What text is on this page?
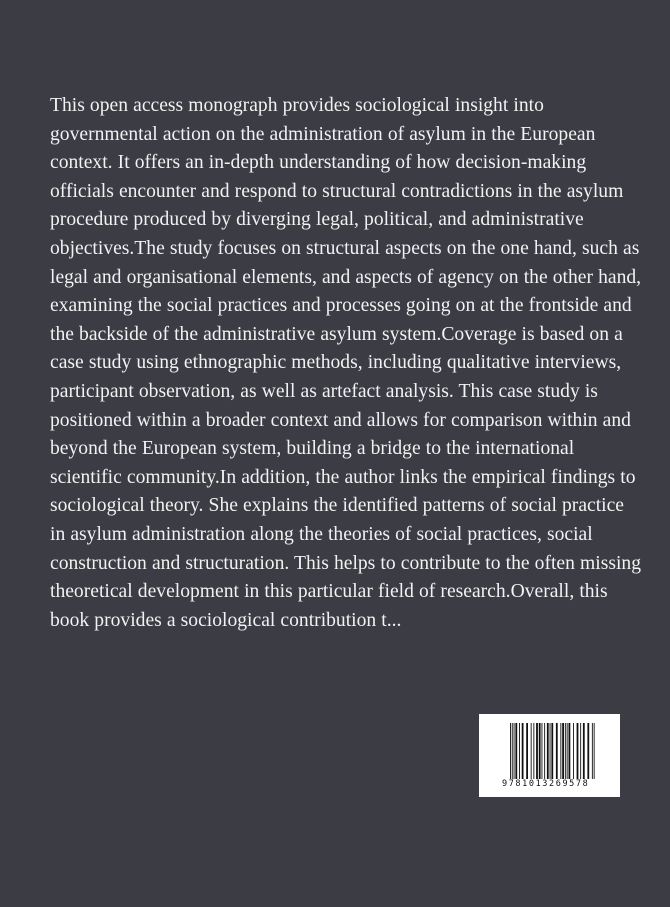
This open access monograph provides sociological insight into governmental action on the administration of asylum in the European context. It offers an in-depth understanding of how decision-making officials encounter and respond to structural contradictions in the asylum procedure produced by diverging legal, political, and administrative objectives.The study focuses on structural aspects on the one hand, such as legal and organisational elements, and aspects of agency on the other hand, examining the social practices and processes going on at the frontside and the backside of the administrative asylum system.Coverage is based on a case study using ethnographic methods, including qualitative interviews, participant observation, as well as artefact analysis. This case study is positioned within a broader context and allows for comparison within and beyond the European system, building a bridge to the international scientific community.In addition, the author links the empirical findings to sociological theory. She explains the identified patterns of social practice in asylum administration along the theories of social practices, social construction and structuration. This helps to contribute to the often missing theoretical development in this particular field of research.Overall, this book provides a sociological contribution t...

9781013269578
